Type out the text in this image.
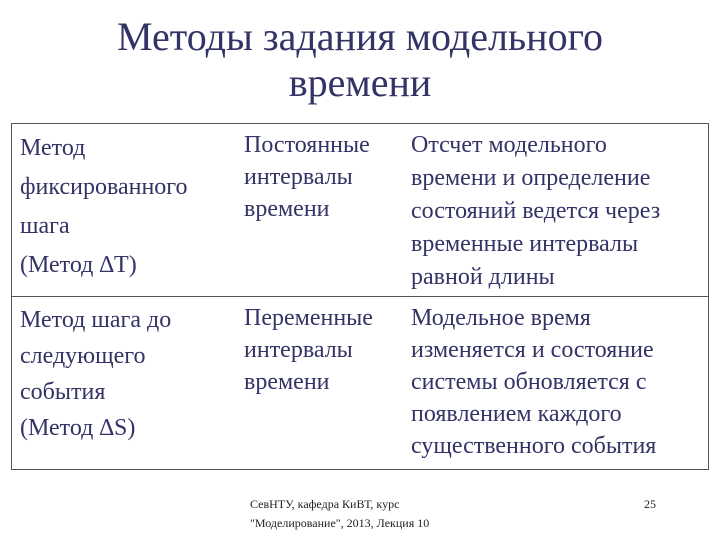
Методы задания модельного
времени
Метод
фиксированного
шага
(Метод ∆Т)
Постоянные
интервалы
времени
Отсчет модельного
времени и определение
состояний ведется через
временные интервалы
равной длины
Метод шага до
следующего
события
(Метод ∆S)
Переменные
интервалы
времени
Модельное время
изменяется и состояние
системы обновляется с
появлением каждого
существенного события
СевНТУ, кафедра КиВТ, курс
"Моделирование", 2013, Лекция 10
25
